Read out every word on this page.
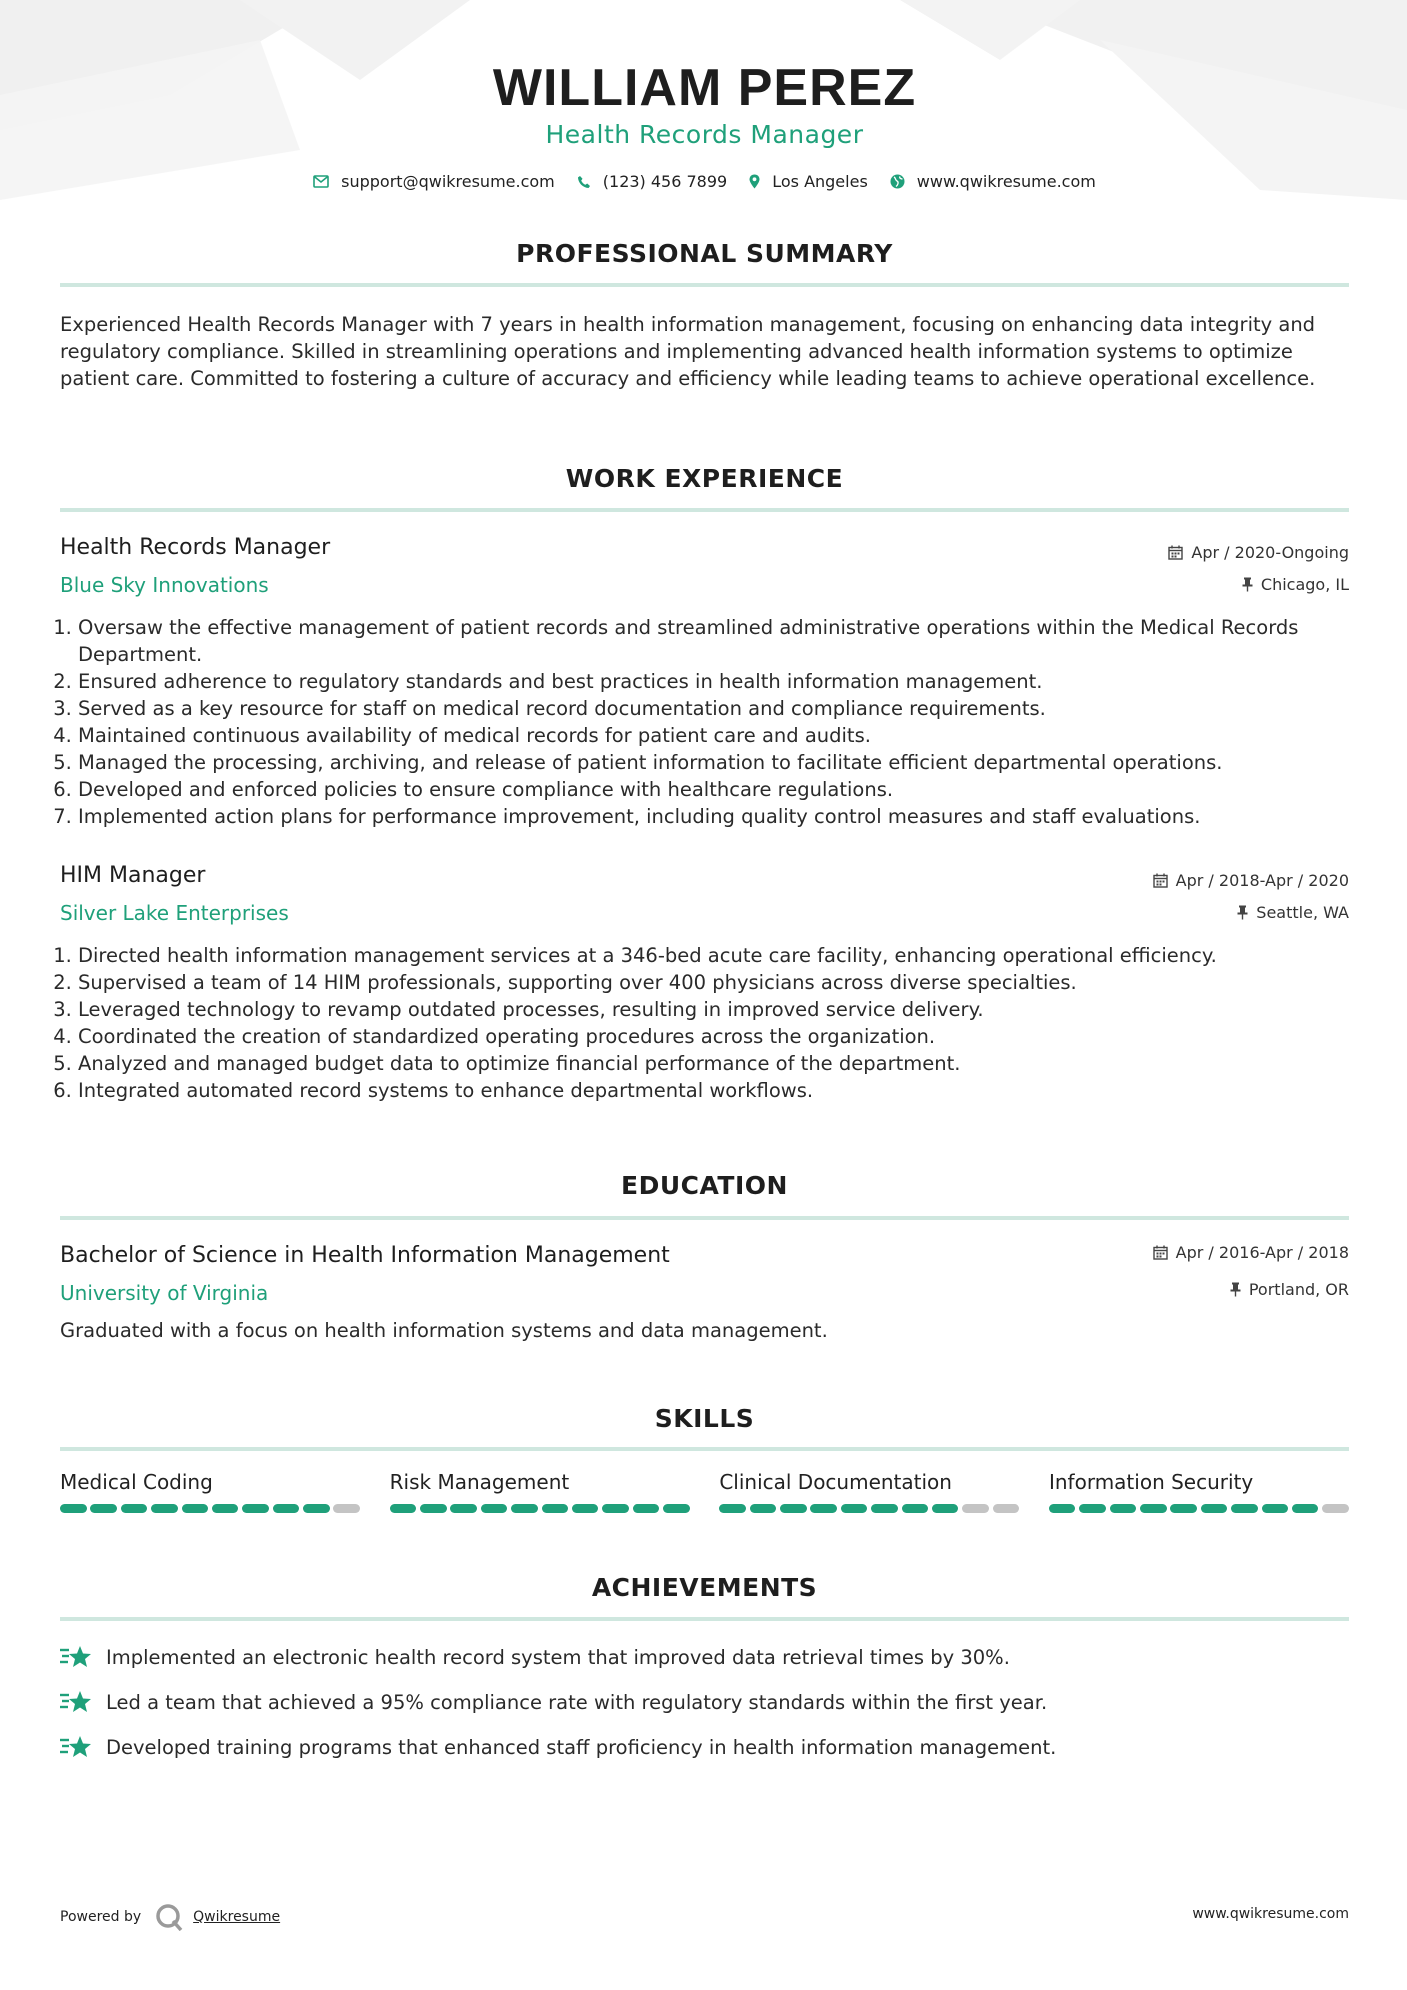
WILLIAM PEREZ
Health Records Manager
support@qwikresume.com	(123) 456 7899	Los Angeles	www.qwikresume.com
PROFESSIONAL SUMMARY
Experienced Health Records Manager with 7 years in health information management, focusing on enhancing data integrity and regulatory compliance. Skilled in streamlining operations and implementing advanced health information systems to optimize patient care. Committed to fostering a culture of accuracy and efficiency while leading teams to achieve operational excellence.
WORK EXPERIENCE
Health Records Manager	Apr / 2020-Ongoing
Blue Sky Innovations	Chicago, IL
1. Oversaw the effective management of patient records and streamlined administrative operations within the Medical Records Department.
2. Ensured adherence to regulatory standards and best practices in health information management.
3. Served as a key resource for staff on medical record documentation and compliance requirements.
4. Maintained continuous availability of medical records for patient care and audits.
5. Managed the processing, archiving, and release of patient information to facilitate efficient departmental operations.
6. Developed and enforced policies to ensure compliance with healthcare regulations.
7. Implemented action plans for performance improvement, including quality control measures and staff evaluations.
HIM Manager	Apr / 2018-Apr / 2020
Silver Lake Enterprises	Seattle, WA
1. Directed health information management services at a 346-bed acute care facility, enhancing operational efficiency.
2. Supervised a team of 14 HIM professionals, supporting over 400 physicians across diverse specialties.
3. Leveraged technology to revamp outdated processes, resulting in improved service delivery.
4. Coordinated the creation of standardized operating procedures across the organization.
5. Analyzed and managed budget data to optimize financial performance of the department.
6. Integrated automated record systems to enhance departmental workflows.
EDUCATION
Bachelor of Science in Health Information Management	Apr / 2016-Apr / 2018
University of Virginia	Portland, OR
Graduated with a focus on health information systems and data management.
SKILLS
Medical Coding	Risk Management	Clinical Documentation	Information Security
ACHIEVEMENTS
Implemented an electronic health record system that improved data retrieval times by 30%.
Led a team that achieved a 95% compliance rate with regulatory standards within the first year.
Developed training programs that enhanced staff proficiency in health information management.
Powered by	Qwikresume	www.qwikresume.com
